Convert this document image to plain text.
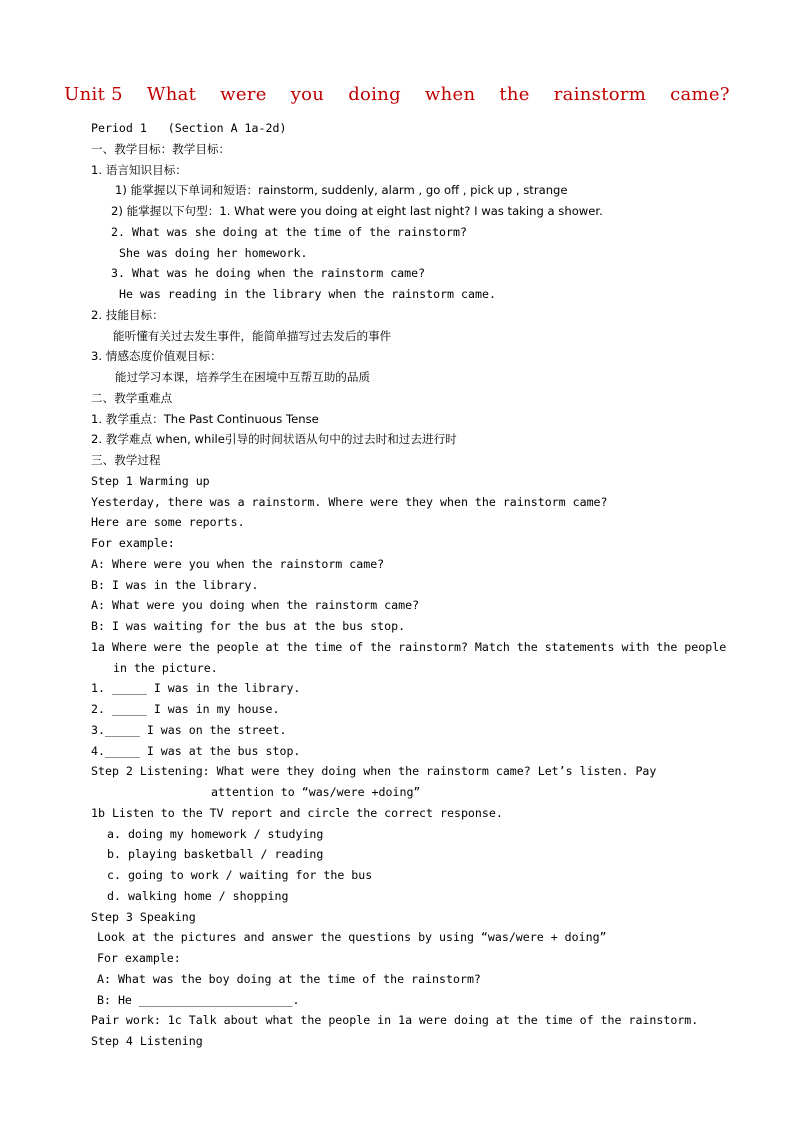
Unit 5 What were you doing when the rainstorm came?
Period 1   (Section A 1a-2d)
一、教学目标：教学目标：
1. 语言知识目标：
1) 能掌握以下单词和短语：rainstorm, suddenly, alarm , go off , pick up , strange
2) 能掌握以下句型：1. What were you doing at eight last night? I was taking a shower.
2. What was she doing at the time of the rainstorm?
She was doing her homework.
3. What was he doing when the rainstorm came?
He was reading in the library when the rainstorm came.
2. 技能目标：
能听懂有关过去发生事件，能简单描写过去发后的事件
3. 情感态度价值观目标：
能过学习本课，培养学生在困境中互帮互助的品质
二、教学重难点
1. 教学重点：The Past Continuous Tense
2. 教学难点 when, while引导的时间状语从句中的过去时和过去进行时
三、教学过程
Step 1 Warming up
Yesterday, there was a rainstorm. Where were they when the rainstorm came?
Here are some reports.
For example:
A: Where were you when the rainstorm came?
B: I was in the library.
A: What were you doing when the rainstorm came?
B: I was waiting for the bus at the bus stop.
1a Where were the people at the time of the rainstorm? Match the statements with the people
in the picture.
1. _____ I was in the library.
2. _____ I was in my house.
3._____ I was on the street.
4._____ I was at the bus stop.
Step 2 Listening: What were they doing when the rainstorm came? Let’s listen. Pay
attention to “was/were +doing”
1b Listen to the TV report and circle the correct response.
a. doing my homework / studying
b. playing basketball / reading
c. going to work / waiting for the bus
d. walking home / shopping
Step 3 Speaking
Look at the pictures and answer the questions by using “was/were + doing”
For example:
A: What was the boy doing at the time of the rainstorm?
B: He ______________________.
Pair work: 1c Talk about what the people in 1a were doing at the time of the rainstorm.
Step 4 Listening
